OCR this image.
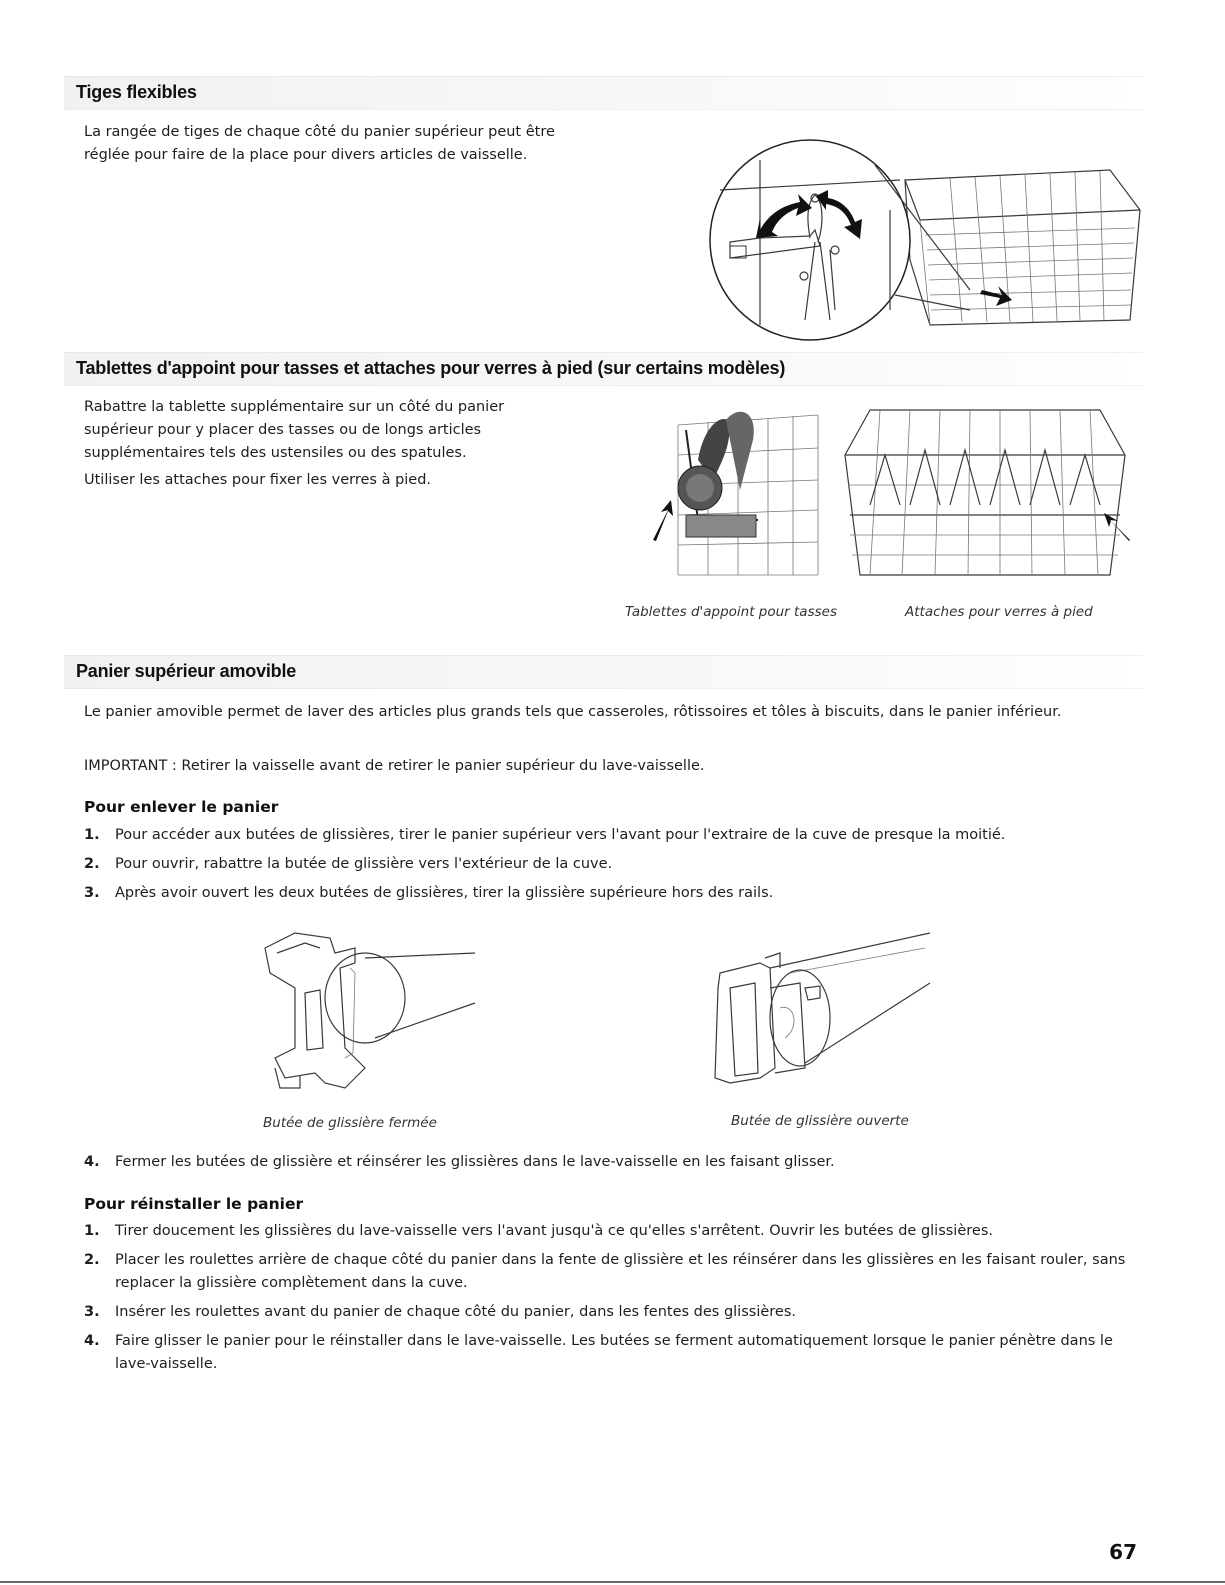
Tiges flexibles

La rangée de tiges de chaque côté du panier supérieur peut être réglée pour faire de la place pour divers articles de vaisselle.

Tablettes d'appoint pour tasses et attaches pour verres à pied (sur certains modèles)

Rabattre la tablette supplémentaire sur un côté du panier supérieur pour y placer des tasses ou de longs articles supplémentaires tels des ustensiles ou des spatules.

Utiliser les attaches pour fixer les verres à pied.

Tablettes d'appoint pour tasses	Attaches pour verres à pied

Panier supérieur amovible

Le panier amovible permet de laver des articles plus grands tels que casseroles, rôtissoires et tôles à biscuits, dans le panier inférieur.

IMPORTANT : Retirer la vaisselle avant de retirer le panier supérieur du lave-vaisselle.

Pour enlever le panier
1. Pour accéder aux butées de glissières, tirer le panier supérieur vers l'avant pour l'extraire de la cuve de presque la moitié.
2. Pour ouvrir, rabattre la butée de glissière vers l'extérieur de la cuve.
3. Après avoir ouvert les deux butées de glissières, tirer la glissière supérieure hors des rails.

Butée de glissière fermée	Butée de glissière ouverte

4. Fermer les butées de glissière et réinsérer les glissières dans le lave-vaisselle en les faisant glisser.
Pour réinstaller le panier
1. Tirer doucement les glissières du lave-vaisselle vers l'avant jusqu'à ce qu'elles s'arrêtent. Ouvrir les butées de glissières.
2. Placer les roulettes arrière de chaque côté du panier dans la fente de glissière et les réinsérer dans les glissières en les faisant rouler, sans replacer la glissière complètement dans la cuve.
3. Insérer les roulettes avant du panier de chaque côté du panier, dans les fentes des glissières.
4. Faire glisser le panier pour le réinstaller dans le lave-vaisselle. Les butées se ferment automatiquement lorsque le panier pénètre dans le lave-vaisselle.

67
